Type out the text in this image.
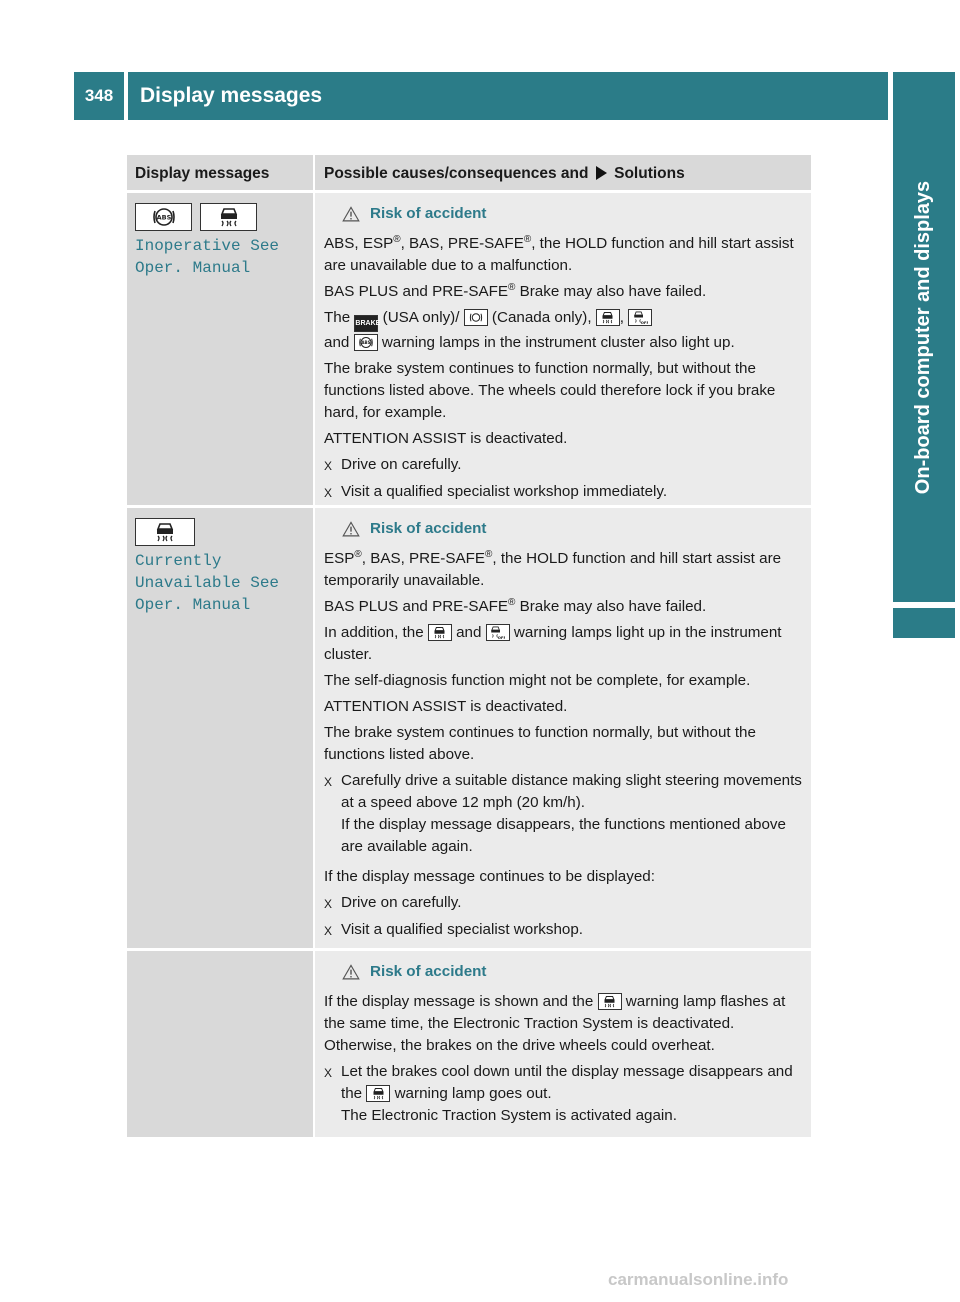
348	Display messages
On-board computer and displays
Display messages	Possible causes/consequences and Solutions
Inoperative See
Oper. Manual
Risk of accident

ABS, ESP®, BAS, PRE-SAFE®, the HOLD function and hill start assist are unavailable due to a malfunction.

BAS PLUS and PRE-SAFE® Brake may also have failed.

The BRAKE (USA only)/ (Canada only), ,
and warning lamps in the instrument cluster also light up.

The brake system continues to function normally, but without the functions listed above. The wheels could therefore lock if you brake hard, for example.

ATTENTION ASSIST is deactivated.

X Drive on carefully.
X Visit a qualified specialist workshop immediately.
Currently
Unavailable See
Oper. Manual
Risk of accident

ESP®, BAS, PRE-SAFE®, the HOLD function and hill start assist are temporarily unavailable.

BAS PLUS and PRE-SAFE® Brake may also have failed.

In addition, the and warning lamps light up in the instrument cluster.

The self-diagnosis function might not be complete, for example.

ATTENTION ASSIST is deactivated.

The brake system continues to function normally, but without the functions listed above.

X Carefully drive a suitable distance making slight steering movements at a speed above 12 mph (20 km/h).
If the display message disappears, the functions mentioned above are available again.

If the display message continues to be displayed:

X Drive on carefully.
X Visit a qualified specialist workshop.
Risk of accident

If the display message is shown and the warning lamp flashes at the same time, the Electronic Traction System is deactivated. Otherwise, the brakes on the drive wheels could overheat.

X Let the brakes cool down until the display message disappears and the warning lamp goes out.
The Electronic Traction System is activated again.
carmanualsonline.info
